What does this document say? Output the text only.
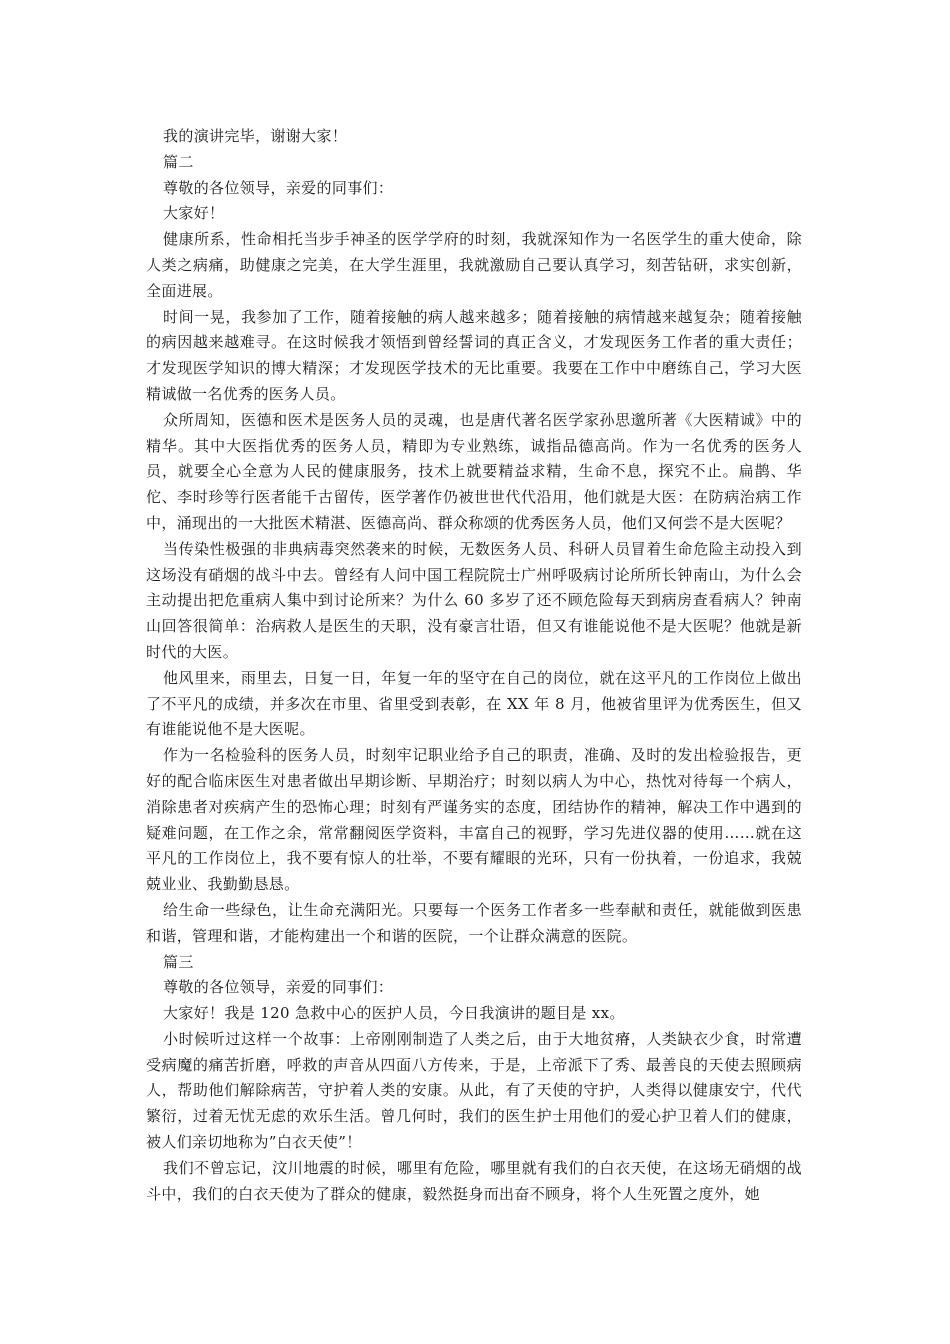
我的演讲完毕，谢谢大家！

篇二

尊敬的各位领导，亲爱的同事们：

大家好！

健康所系，性命相托当步手神圣的医学学府的时刻，我就深知作为一名医学生的重大使命，除人类之病痛，助健康之完美，在大学生涯里，我就激励自己要认真学习，刻苦钻研，求实创新，全面进展。

时间一晃，我参加了工作，随着接触的病人越来越多；随着接触的病情越来越复杂；随着接触的病因越来越难寻。在这时候我才领悟到曾经誓词的真正含义，才发现医务工作者的重大责任；才发现医学知识的博大精深；才发现医学技术的无比重要。我要在工作中中磨练自己，学习大医精诚做一名优秀的医务人员。

众所周知，医德和医术是医务人员的灵魂，也是唐代著名医学家孙思邈所著《大医精诚》中的精华。其中大医指优秀的医务人员，精即为专业熟练，诚指品德高尚。作为一名优秀的医务人员，就要全心全意为人民的健康服务，技术上就要精益求精，生命不息，探究不止。扁鹊、华佗、李时珍等行医者能千古留传，医学著作仍被世世代代沿用，他们就是大医：在防病治病工作中，涌现出的一大批医术精湛、医德高尚、群众称颂的优秀医务人员，他们又何尝不是大医呢？

当传染性极强的非典病毒突然袭来的时候，无数医务人员、科研人员冒着生命危险主动投入到这场没有硝烟的战斗中去。曾经有人问中国工程院院士广州呼吸病讨论所所长钟南山，为什么会主动提出把危重病人集中到讨论所来？为什么 60 多岁了还不顾危险每天到病房查看病人？钟南山回答很简单：治病救人是医生的天职，没有豪言壮语，但又有谁能说他不是大医呢？他就是新时代的大医。

他风里来，雨里去，日复一日，年复一年的坚守在自己的岗位，就在这平凡的工作岗位上做出了不平凡的成绩，并多次在市里、省里受到表彰，在 XX 年 8 月，他被省里评为优秀医生，但又有谁能说他不是大医呢。

作为一名检验科的医务人员，时刻牢记职业给予自己的职责，准确、及时的发出检验报告，更好的配合临床医生对患者做出早期诊断、早期治疗；时刻以病人为中心，热忱对待每一个病人，消除患者对疾病产生的恐怖心理；时刻有严谨务实的态度，团结协作的精神，解决工作中遇到的疑难问题，在工作之余，常常翻阅医学资料，丰富自己的视野，学习先进仪器的使用……就在这平凡的工作岗位上，我不要有惊人的壮举，不要有耀眼的光环，只有一份执着，一份追求，我兢兢业业、我勤勤恳恳。

给生命一些绿色，让生命充满阳光。只要每一个医务工作者多一些奉献和责任，就能做到医患和谐，管理和谐，才能构建出一个和谐的医院，一个让群众满意的医院。

篇三

尊敬的各位领导，亲爱的同事们：

大家好！我是 120 急救中心的医护人员，今日我演讲的题目是 xx。

小时候听过这样一个故事：上帝刚刚制造了人类之后，由于大地贫瘠，人类缺衣少食，时常遭受病魔的痛苦折磨，呼救的声音从四面八方传来，于是，上帝派下了秀、最善良的天使去照顾病人，帮助他们解除病苦，守护着人类的安康。从此，有了天使的守护，人类得以健康安宁，代代繁衍，过着无忧无虑的欢乐生活。曾几何时，我们的医生护士用他们的爱心护卫着人们的健康，被人们亲切地称为”白衣天使”！

我们不曾忘记，汶川地震的时候，哪里有危险，哪里就有我们的白衣天使，在这场无硝烟的战斗中，我们的白衣天使为了群众的健康，毅然挺身而出奋不顾身，将个人生死置之度外，她
